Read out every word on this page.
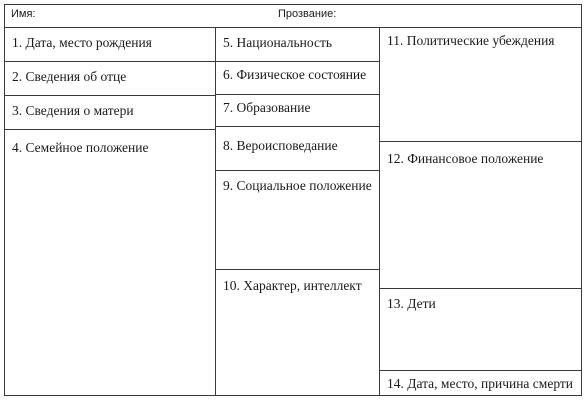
Имя:	Прозвание:
1. Дата, место рождения
2. Сведения об отце
3. Сведения о матери
4. Семейное положение
5. Национальность
6. Физическое состояние
7. Образование
8. Вероисповедание
9. Социальное положение
10. Характер, интеллект
11. Политические убеждения
12. Финансовое положение
13. Дети
14. Дата, место, причина смерти
